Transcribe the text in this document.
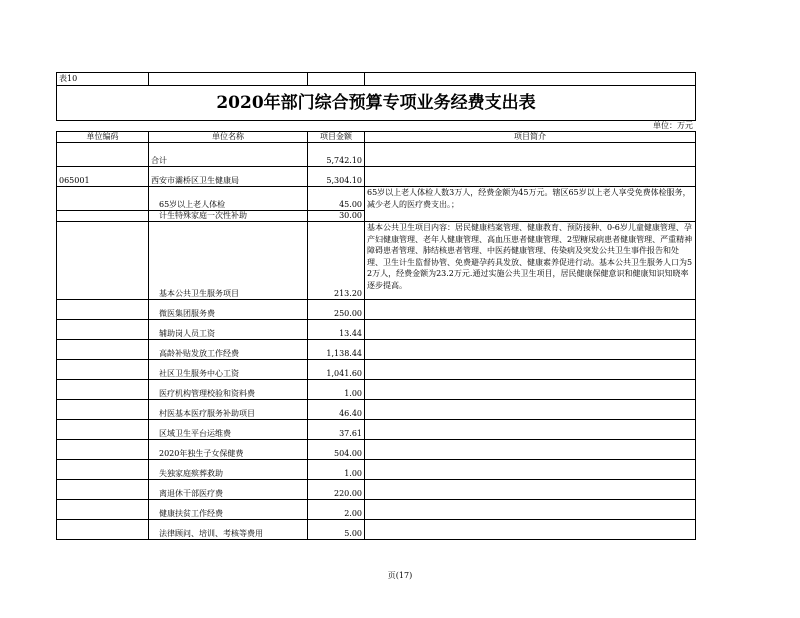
表10			
2020年部门综合预算专项业务经费支出表			
单位：万元			
单位编码	单位名称	项目金额	项目简介
	合计	5,742.10	
065001	西安市灞桥区卫生健康局	5,304.10	
	65岁以上老人体检	45.00	65岁以上老人体检人数3万人，经费金额为45万元。辖区65岁以上老人享受免费体检服务，减少老人的医疗费支出。；
	计生特殊家庭一次性补助	30.00	
	基本公共卫生服务项目	213.20	基本公共卫生项目内容：居民健康档案管理、健康教育、预防接种、0-6岁儿童健康管理、孕产妇健康管理、老年人健康管理、高血压患者健康管理、2型糖尿病患者健康管理、严重精神障碍患者管理、肺结核患者管理、中医药健康管理、传染病及突发公共卫生事件报告和处理、卫生计生监督协管、免费避孕药具发放、健康素养促进行动。基本公共卫生服务人口为52万人，经费金额为23.2万元.通过实施公共卫生项目，居民健康保健意识和健康知识知晓率逐步提高。
	微医集团服务费	250.00	
	辅助岗人员工资	13.44	
	高龄补贴发放工作经费	1,138.44	
	社区卫生服务中心工资	1,041.60	
	医疗机构管理校验和资料费	1.00	
	村医基本医疗服务补助项目	46.40	
	区域卫生平台运维费	37.61	
	2020年独生子女保健费	504.00	
	失独家庭殡葬救助	1.00	
	离退休干部医疗费	220.00	
	健康扶贫工作经费	2.00	
	法律顾问、培训、考核等费用	5.00	
页(17)
